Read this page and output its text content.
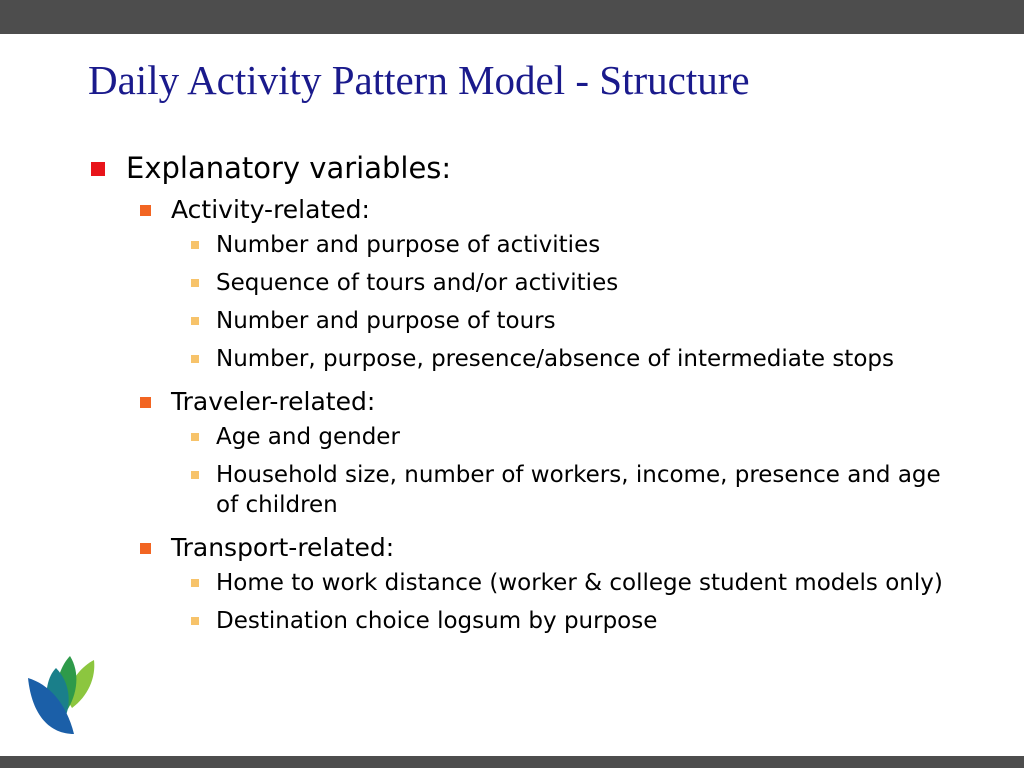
Daily Activity Pattern Model - Structure
Explanatory variables:
Activity-related:
Number and purpose of activities
Sequence of tours and/or activities
Number and purpose of tours
Number, purpose, presence/absence of intermediate stops
Traveler-related:
Age and gender
Household size, number of workers, income, presence and age of children
Transport-related:
Home to work distance (worker & college student models only)
Destination choice logsum by purpose
